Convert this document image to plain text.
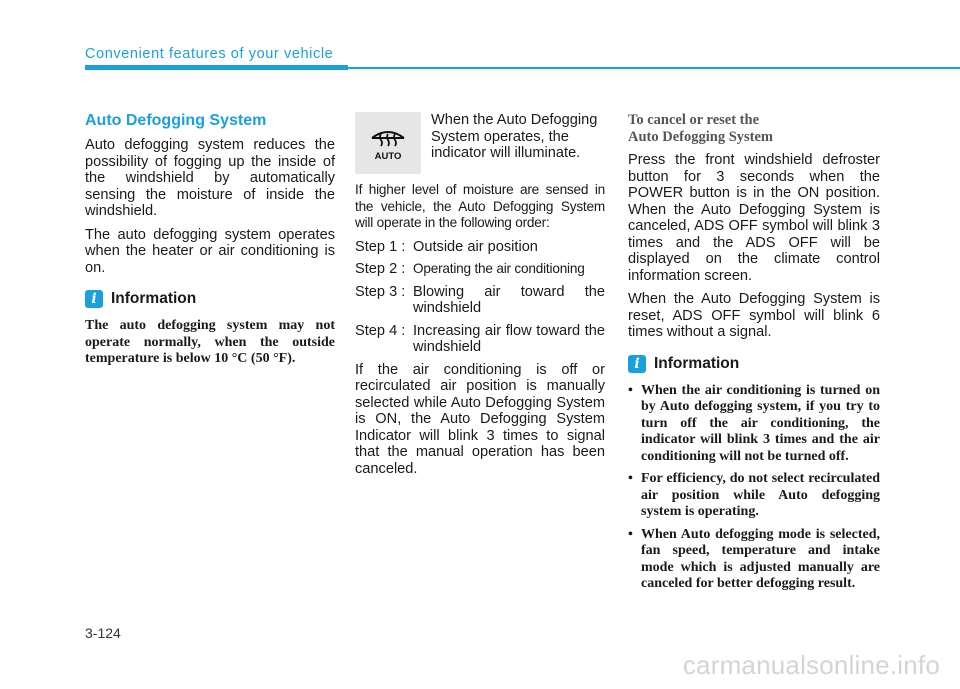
Convenient features of your vehicle
Auto Defogging System

Auto defogging system reduces the possibility of fogging up the inside of the windshield by automatically sensing the moisture of inside the windshield.

The auto defogging system operates when the heater or air conditioning is on.

i Information

The auto defogging system may not operate normally, when the outside temperature is below 10 °C (50 °F).

AUTO

When the Auto Defogging System operates, the indicator will illuminate.

If higher level of moisture are sensed in the vehicle, the Auto Defogging System will operate in the following order:

Step 1 : Outside air position
Step 2 : Operating the air conditioning
Step 3 : Blowing air toward the windshield
Step 4 : Increasing air flow toward the windshield

If the air conditioning is off or recirculated air position is manually selected while Auto Defogging System is ON, the Auto Defogging System Indicator will blink 3 times to signal that the manual operation has been canceled.

To cancel or reset the
Auto Defogging System

Press the front windshield defroster button for 3 seconds when the POWER button is in the ON position. When the Auto Defogging System is canceled, ADS OFF symbol will blink 3 times and the ADS OFF will be displayed on the climate control information screen.

When the Auto Defogging System is reset, ADS OFF symbol will blink 6 times without a signal.

i Information
• When the air conditioning is turned on by Auto defogging system, if you try to turn off the air conditioning, the indicator will blink 3 times and the air conditioning will not be turned off.
• For efficiency, do not select recirculated air position while Auto defogging system is operating.
• When Auto defogging mode is selected, fan speed, temperature and intake mode which is adjusted manually are canceled for better defogging result.
3-124
carmanualsonline.info
